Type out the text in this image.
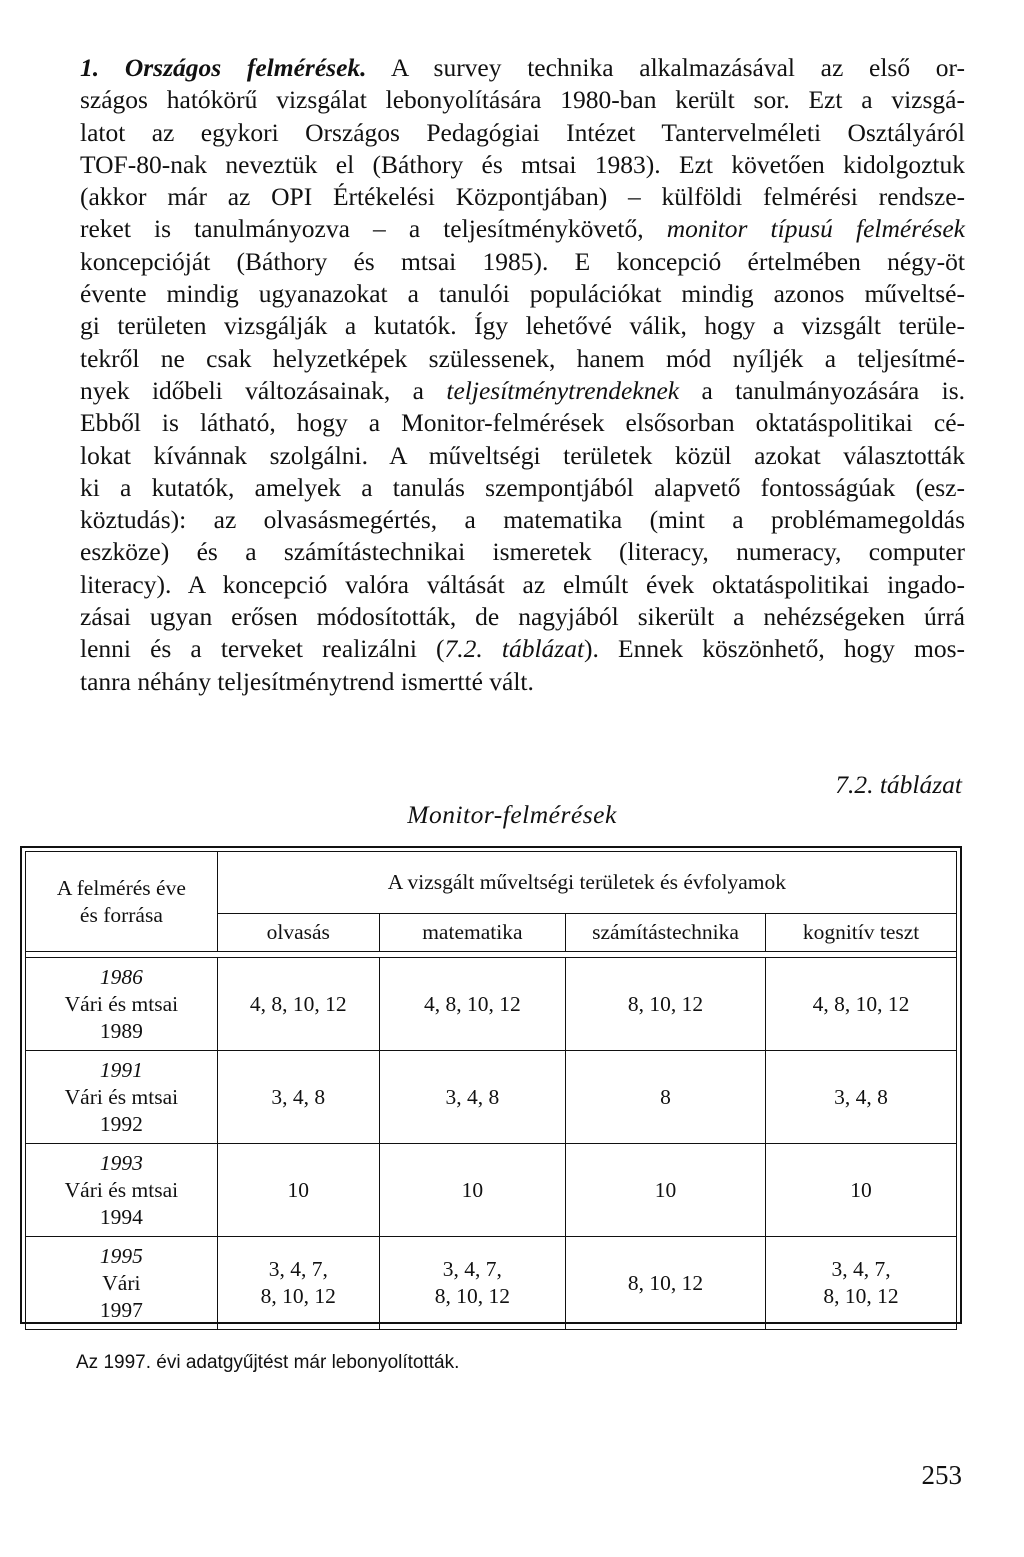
1. Országos felmérések. A survey technika alkalmazásával az első or-
szágos hatókörű vizsgálat lebonyolítására 1980-ban került sor. Ezt a vizsgá-
latot az egykori Országos Pedagógiai Intézet Tantervelméleti Osztályáról
TOF-80-nak neveztük el (Báthory és mtsai 1983). Ezt követően kidolgoztuk
(akkor már az OPI Értékelési Központjában) – külföldi felmérési rendsze-
reket is tanulmányozva – a teljesítménykövető, monitor típusú felmérések
koncepcióját (Báthory és mtsai 1985). E koncepció értelmében négy-öt
évente mindig ugyanazokat a tanulói populációkat mindig azonos műveltsé-
gi területen vizsgálják a kutatók. Így lehetővé válik, hogy a vizsgált terüle-
tekről ne csak helyzetképek szülessenek, hanem mód nyíljék a teljesítmé-
nyek időbeli változásainak, a teljesítménytrendeknek a tanulmányozására is.
Ebből is látható, hogy a Monitor-felmérések elsősorban oktatáspolitikai cé-
lokat kívánnak szolgálni. A műveltségi területek közül azokat választották
ki a kutatók, amelyek a tanulás szempontjából alapvető fontosságúak (esz-
köztudás): az olvasásmegértés, a matematika (mint a problémamegoldás
eszköze) és a számítástechnikai ismeretek (literacy, numeracy, computer
literacy). A koncepció valóra váltását az elmúlt évek oktatáspolitikai ingado-
zásai ugyan erősen módosították, de nagyjából sikerült a nehézségeken úrrá
lenni és a terveket realizálni (7.2. táblázat). Ennek köszönhető, hogy mos-
tanra néhány teljesítménytrend ismertté vált.
7.2. táblázat
Monitor-felmérések
A felmérés éve
és forrása	A vizsgált műveltségi területek és évfolyamok			
	olvasás	matematika	számítástechnika	kognitív teszt

1986
Vári és mtsai
1989	4, 8, 10, 12	4, 8, 10, 12	8, 10, 12	4, 8, 10, 12

1991
Vári és mtsai
1992	3, 4, 8	3, 4, 8	8	3, 4, 8

1993
Vári és mtsai
1994	10	10	10	10

1995
Vári
1997	3, 4, 7,
8, 10, 12	3, 4, 7,
8, 10, 12	8, 10, 12	3, 4, 7,
8, 10, 12
Az 1997. évi adatgyűjtést már lebonyolították.
253
